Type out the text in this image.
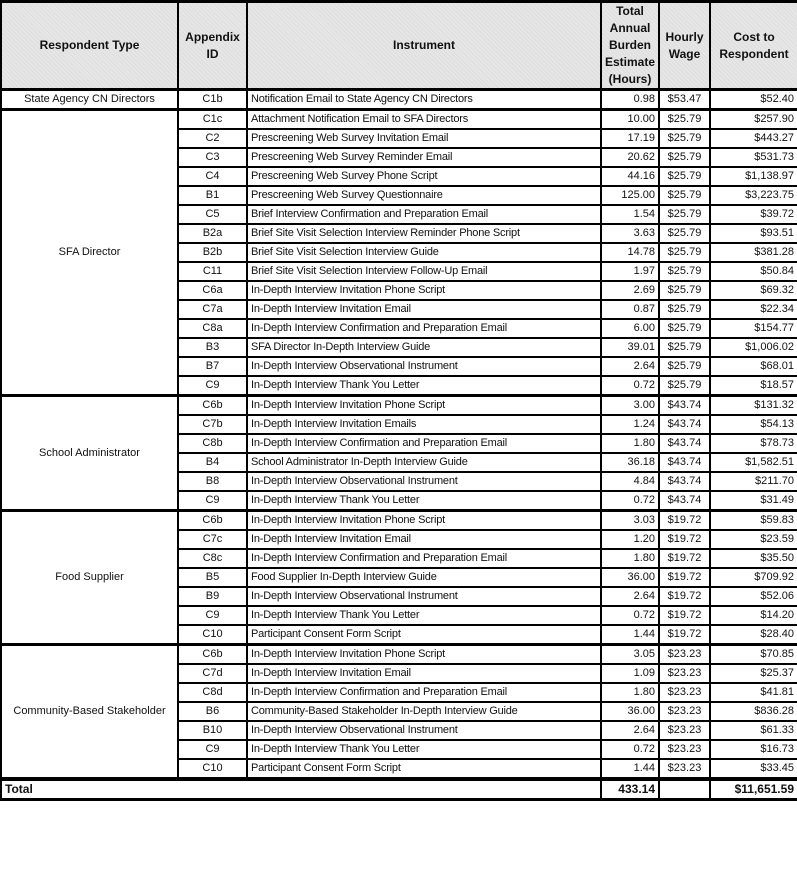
Respondent Type	Appendix ID	Instrument	Total Annual Burden Estimate (Hours)	Hourly Wage	Cost to Respondent
State Agency CN Directors	C1b	Notification Email to State Agency CN Directors	0.98	$53.47	$52.40
SFA Director	C1c	Attachment Notification Email to SFA Directors	10.00	$25.79	$257.90
	C2	Prescreening Web Survey Invitation Email	17.19	$25.79	$443.27
	C3	Prescreening Web Survey Reminder Email	20.62	$25.79	$531.73
	C4	Prescreening Web Survey Phone Script	44.16	$25.79	$1,138.97
	B1	Prescreening Web Survey Questionnaire	125.00	$25.79	$3,223.75
	C5	Brief Interview Confirmation and Preparation Email	1.54	$25.79	$39.72
	B2a	Brief Site Visit Selection Interview Reminder Phone Script	3.63	$25.79	$93.51
	B2b	Brief Site Visit Selection Interview Guide	14.78	$25.79	$381.28
	C11	Brief Site Visit Selection Interview Follow-Up Email	1.97	$25.79	$50.84
	C6a	In-Depth Interview Invitation Phone Script	2.69	$25.79	$69.32
	C7a	In-Depth Interview Invitation Email	0.87	$25.79	$22.34
	C8a	In-Depth Interview Confirmation and Preparation Email	6.00	$25.79	$154.77
	B3	SFA Director In-Depth Interview Guide	39.01	$25.79	$1,006.02
	B7	In-Depth Interview Observational Instrument	2.64	$25.79	$68.01
	C9	In-Depth Interview Thank You Letter	0.72	$25.79	$18.57
School Administrator	C6b	In-Depth Interview Invitation Phone Script	3.00	$43.74	$131.32
	C7b	In-Depth Interview Invitation Emails	1.24	$43.74	$54.13
	C8b	In-Depth Interview Confirmation and Preparation Email	1.80	$43.74	$78.73
	B4	School Administrator In-Depth Interview Guide	36.18	$43.74	$1,582.51
	B8	In-Depth Interview Observational Instrument	4.84	$43.74	$211.70
	C9	In-Depth Interview Thank You Letter	0.72	$43.74	$31.49
Food Supplier	C6b	In-Depth Interview Invitation Phone Script	3.03	$19.72	$59.83
	C7c	In-Depth Interview Invitation Email	1.20	$19.72	$23.59
	C8c	In-Depth Interview Confirmation and Preparation Email	1.80	$19.72	$35.50
	B5	Food Supplier In-Depth Interview Guide	36.00	$19.72	$709.92
	B9	In-Depth Interview Observational Instrument	2.64	$19.72	$52.06
	C9	In-Depth Interview Thank You Letter	0.72	$19.72	$14.20
	C10	Participant Consent Form Script	1.44	$19.72	$28.40
Community-Based Stakeholder	C6b	In-Depth Interview Invitation Phone Script	3.05	$23.23	$70.85
	C7d	In-Depth Interview Invitation Email	1.09	$23.23	$25.37
	C8d	In-Depth Interview Confirmation and Preparation Email	1.80	$23.23	$41.81
	B6	Community-Based Stakeholder In-Depth Interview Guide	36.00	$23.23	$836.28
	B10	In-Depth Interview Observational Instrument	2.64	$23.23	$61.33
	C9	In-Depth Interview Thank You Letter	0.72	$23.23	$16.73
	C10	Participant Consent Form Script	1.44	$23.23	$33.45
Total			433.14		$11,651.59
